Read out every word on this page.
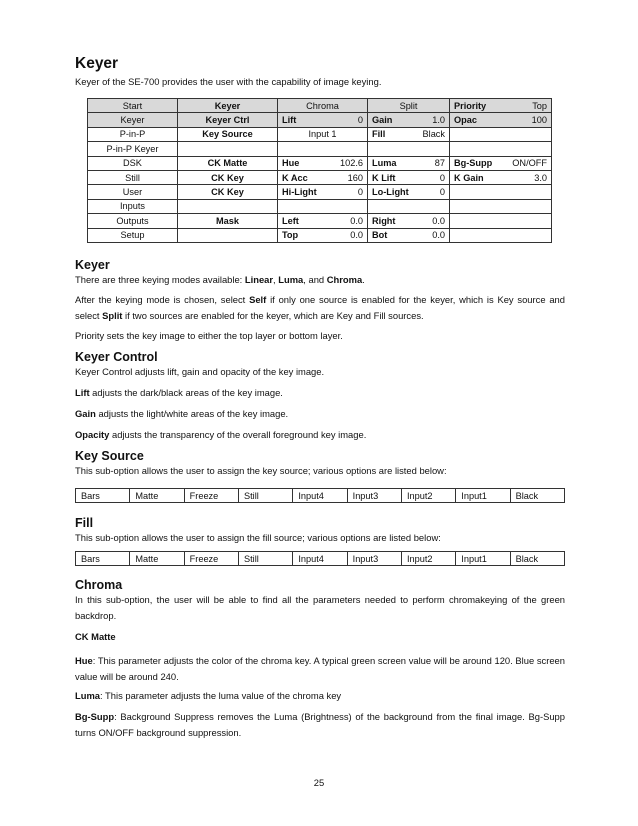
Keyer
Keyer of the SE-700 provides the user with the capability of image keying.
Start	Keyer	Chroma	Split	Priority Top

Keyer	Keyer Ctrl	Lift 0	Gain 1.0	Opac 100

P-in-P	Key Source	Input 1	Fill Black	

P-in-P Keyer		

DSK	CK Matte	Hue 102.6	Luma 87	Bg-Supp ON/OFF

Still	CK Key	K Acc 160	K Lift 0	K Gain 3.0

User	CK Key	Hi-Light 0	Lo-Light 0	

Inputs		

Outputs	Mask	Left 0.0	Right 0.0	

Setup		Top 0.0	Bot 0.0	

Keyer
There are three keying modes available: Linear, Luma, and Chroma.
After the keying mode is chosen, select Self if only one source is enabled for the keyer, which is Key source and select Split if two sources are enabled for the keyer, which are Key and Fill sources.
Priority sets the key image to either the top layer or bottom layer.
Keyer Control
Keyer Control adjusts lift, gain and opacity of the key image.
Lift adjusts the dark/black areas of the key image.
Gain adjusts the light/white areas of the key image.
Opacity adjusts the transparency of the overall foreground key image.
Key Source
This sub-option allows the user to assign the key source; various options are listed below:
Bars	Matte	Freeze	Still	Input4	Input3	Input2	Input1	Black
Fill
This sub-option allows the user to assign the fill source; various options are listed below:
Bars	Matte	Freeze	Still	Input4	Input3	Input2	Input1	Black
Chroma
In this sub-option, the user will be able to find all the parameters needed to perform chromakeying of the green backdrop.
CK Matte
Hue: This parameter adjusts the color of the chroma key. A typical green screen value will be around 120. Blue screen value will be around 240.
Luma: This parameter adjusts the luma value of the chroma key
Bg-Supp: Background Suppress removes the Luma (Brightness) of the background from the final image. Bg-Supp turns ON/OFF background suppression.
25
